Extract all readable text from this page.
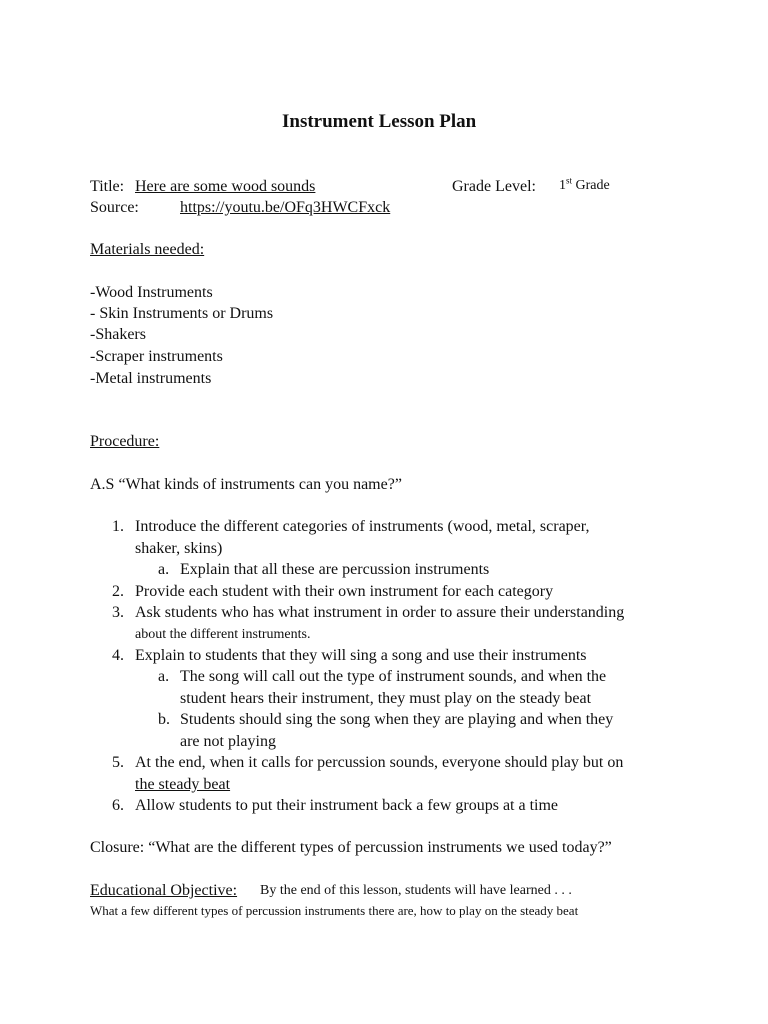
Instrument Lesson Plan
Title: Here are some wood sounds	Grade Level: 1st Grade
Source:	https://youtu.be/OFq3HWCFxck
Materials needed:
-Wood Instruments
- Skin Instruments or Drums
-Shakers
-Scraper instruments
-Metal instruments
Procedure:
A.S “What kinds of instruments can you name?”
1. Introduce the different categories of instruments (wood, metal, scraper,
shaker, skins)
a. Explain that all these are percussion instruments
2. Provide each student with their own instrument for each category
3. Ask students who has what instrument in order to assure their understanding
about the different instruments.
4. Explain to students that they will sing a song and use their instruments
a. The song will call out the type of instrument sounds, and when the
student hears their instrument, they must play on the steady beat
b. Students should sing the song when they are playing and when they
are not playing
5. At the end, when it calls for percussion sounds, everyone should play but on
the steady beat
6. Allow students to put their instrument back a few groups at a time
Closure: “What are the different types of percussion instruments we used today?”
Educational Objective: By the end of this lesson, students will have learned . . .
What a few different types of percussion instruments there are, how to play on the steady beat
